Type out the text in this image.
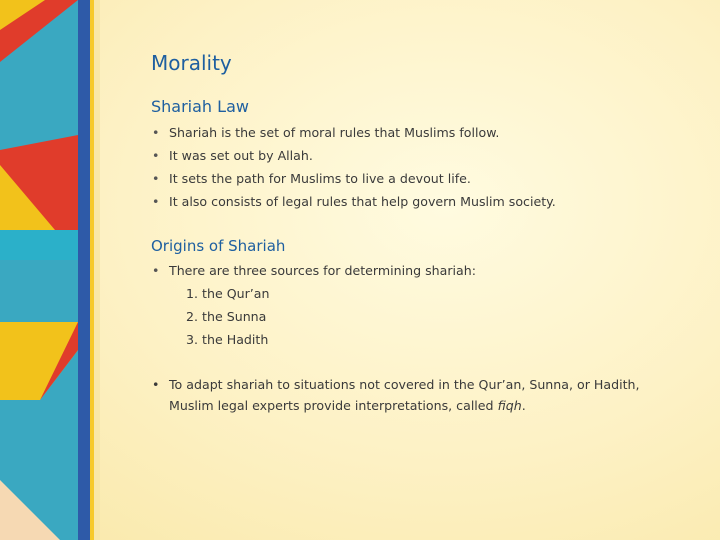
Morality
Shariah Law
• Shariah is the set of moral rules that Muslims follow.
• It was set out by Allah.
• It sets the path for Muslims to live a devout life.
• It also consists of legal rules that help govern Muslim society.
Origins of Shariah
• There are three sources for determining shariah:
1. the Qur’an
2. the Sunna
3. the Hadith
• To adapt shariah to situations not covered in the Qur’an, Sunna, or Hadith, Muslim legal experts provide interpretations, called fiqh.
